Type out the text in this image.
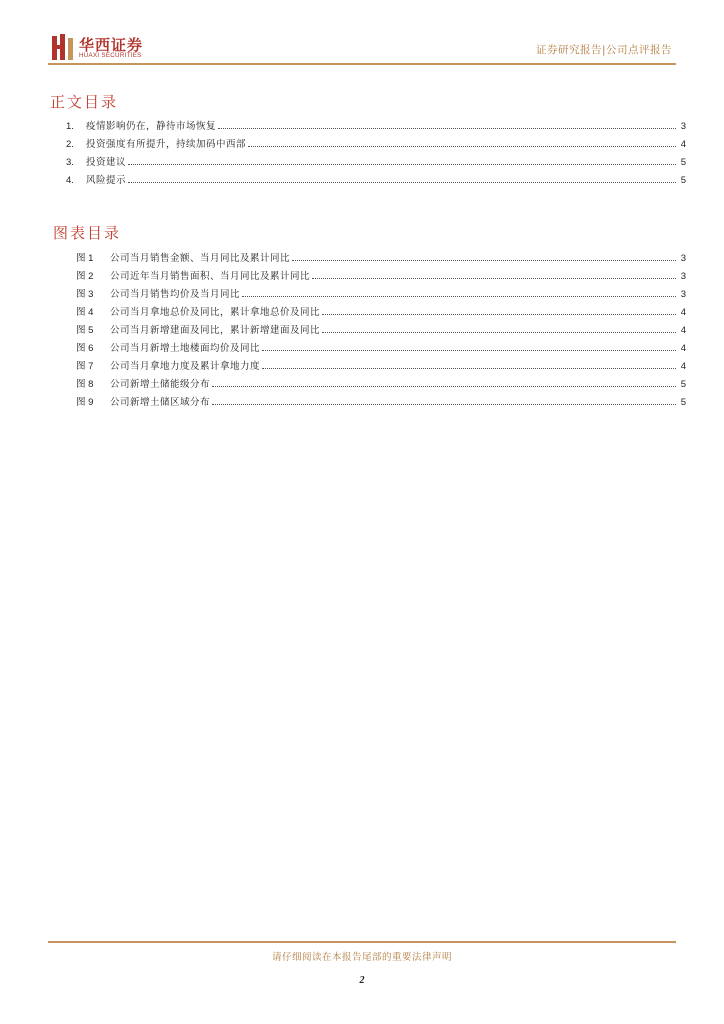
华西证券
HUAXI SECURITIES	证券研究报告|公司点评报告
正文目录
1.	疫情影响仍在，静待市场恢复	3
2.	投资强度有所提升，持续加码中西部	4
3.	投资建议	5
4.	风险提示	5
图表目录
图 1	公司当月销售金额、当月同比及累计同比	3
图 2	公司近年当月销售面积、当月同比及累计同比	3
图 3	公司当月销售均价及当月同比	3
图 4	公司当月拿地总价及同比，累计拿地总价及同比	4
图 5	公司当月新增建面及同比，累计新增建面及同比	4
图 6	公司当月新增土地楼面均价及同比	4
图 7	公司当月拿地力度及累计拿地力度	4
图 8	公司新增土储能级分布	5
图 9	公司新增土储区域分布	5
请仔细阅读在本报告尾部的重要法律声明
2
